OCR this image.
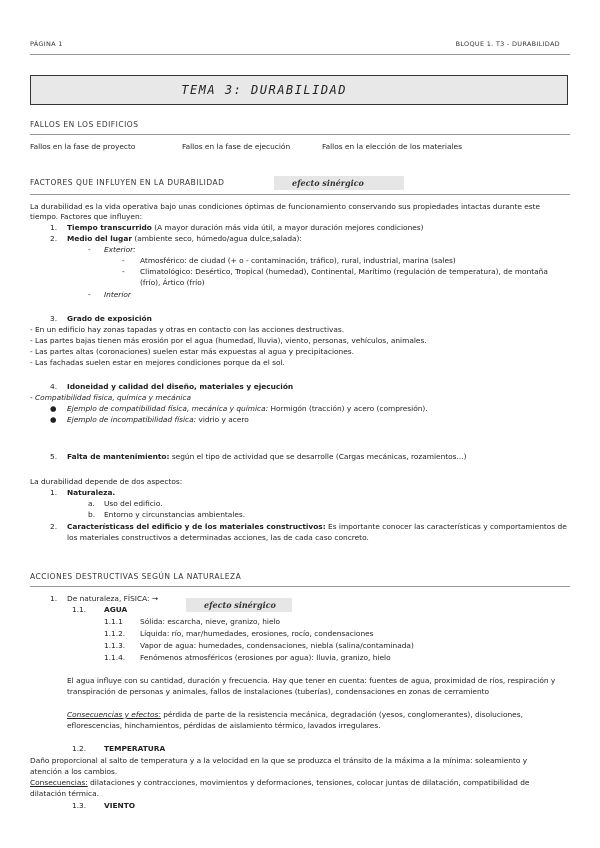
PÁGINA 1	BLOQUE 1. T3 - DURABILIDAD
TEMA 3: DURABILIDAD
FALLOS EN LOS EDIFICIOS
Fallos en la fase de proyecto	Fallos en la fase de ejecución	Fallos en la elección de los materiales
FACTORES QUE INFLUYEN EN LA DURABILIDAD	efecto sinérgico
La durabilidad es la vida operativa bajo unas condiciones óptimas de funcionamiento conservando sus propiedades intactas durante este
tiempo. Factores que influyen:
1. Tiempo transcurrido (A mayor duración más vida útil, a mayor duración mejores condiciones)
2. Medio del lugar (ambiente seco, húmedo/agua dulce,salada):
- Exterior:
- Atmosférico: de ciudad (+ o - contaminación, tráfico), rural, industrial, marina (sales)
- Climatológico: Desértico, Tropical (humedad), Continental, Marítimo (regulación de temperatura), de montaña
(frío), Ártico (frío)
- Interior
3. Grado de exposición
- En un edificio hay zonas tapadas y otras en contacto con las acciones destructivas.
- Las partes bajas tienen más erosión por el agua (humedad, lluvia), viento, personas, vehículos, animales.
- Las partes altas (coronaciones) suelen estar más expuestas al agua y precipitaciones.
- Las fachadas suelen estar en mejores condiciones porque da el sol.
4. Idoneidad y calidad del diseño, materiales y ejecución
- Compatibilidad física, química y mecánica
● Ejemplo de compatibilidad física, mecánica y química: Hormigón (tracción) y acero (compresión).
● Ejemplo de incompatibilidad física: vidrio y acero
5. Falta de mantenimiento: según el tipo de actividad que se desarrolle (Cargas mecánicas, rozamientos...)
La durabilidad depende de dos aspectos:
1. Naturaleza.
a. Uso del edificio.
b. Entorno y circunstancias ambientales.
2. Característicass del edificio y de los materiales constructivos: Es importante conocer las características y comportamientos de
los materiales constructivos a determinadas acciones, las de cada caso concreto.
ACCIONES DESTRUCTIVAS SEGÚN LA NATURALEZA
1. De naturaleza, FÍSICA: →
efecto sinérgico
1.1. AGUA
1.1.1 Sólida: escarcha, nieve, granizo, hielo
1.1.2. Líquida: río, mar/humedades, erosiones, rocío, condensaciones
1.1.3. Vapor de agua: humedades, condensaciones, niebla (salina/contaminada)
1.1.4. Fenómenos atmosféricos (erosiones por agua): lluvia, granizo, hielo
El agua influye con su cantidad, duración y frecuencia. Hay que tener en cuenta: fuentes de agua, proximidad de ríos, respiración y
transpiración de personas y animales, fallos de instalaciones (tuberías), condensaciones en zonas de cerramiento
Consecuencias y efectos: pérdida de parte de la resistencia mecánica, degradación (yesos, conglomerantes), disoluciones,
eflorescencias, hinchamientos, pérdidas de aislamiento térmico, lavados irregulares.
1.2. TEMPERATURA
Daño proporcional al salto de temperatura y a la velocidad en la que se produzca el tránsito de la máxima a la mínima: soleamiento y
atención a los cambios.
Consecuencias: dilataciones y contracciones, movimientos y deformaciones, tensiones, colocar juntas de dilatación, compatibilidad de
dilatación térmica.
1.3. VIENTO
